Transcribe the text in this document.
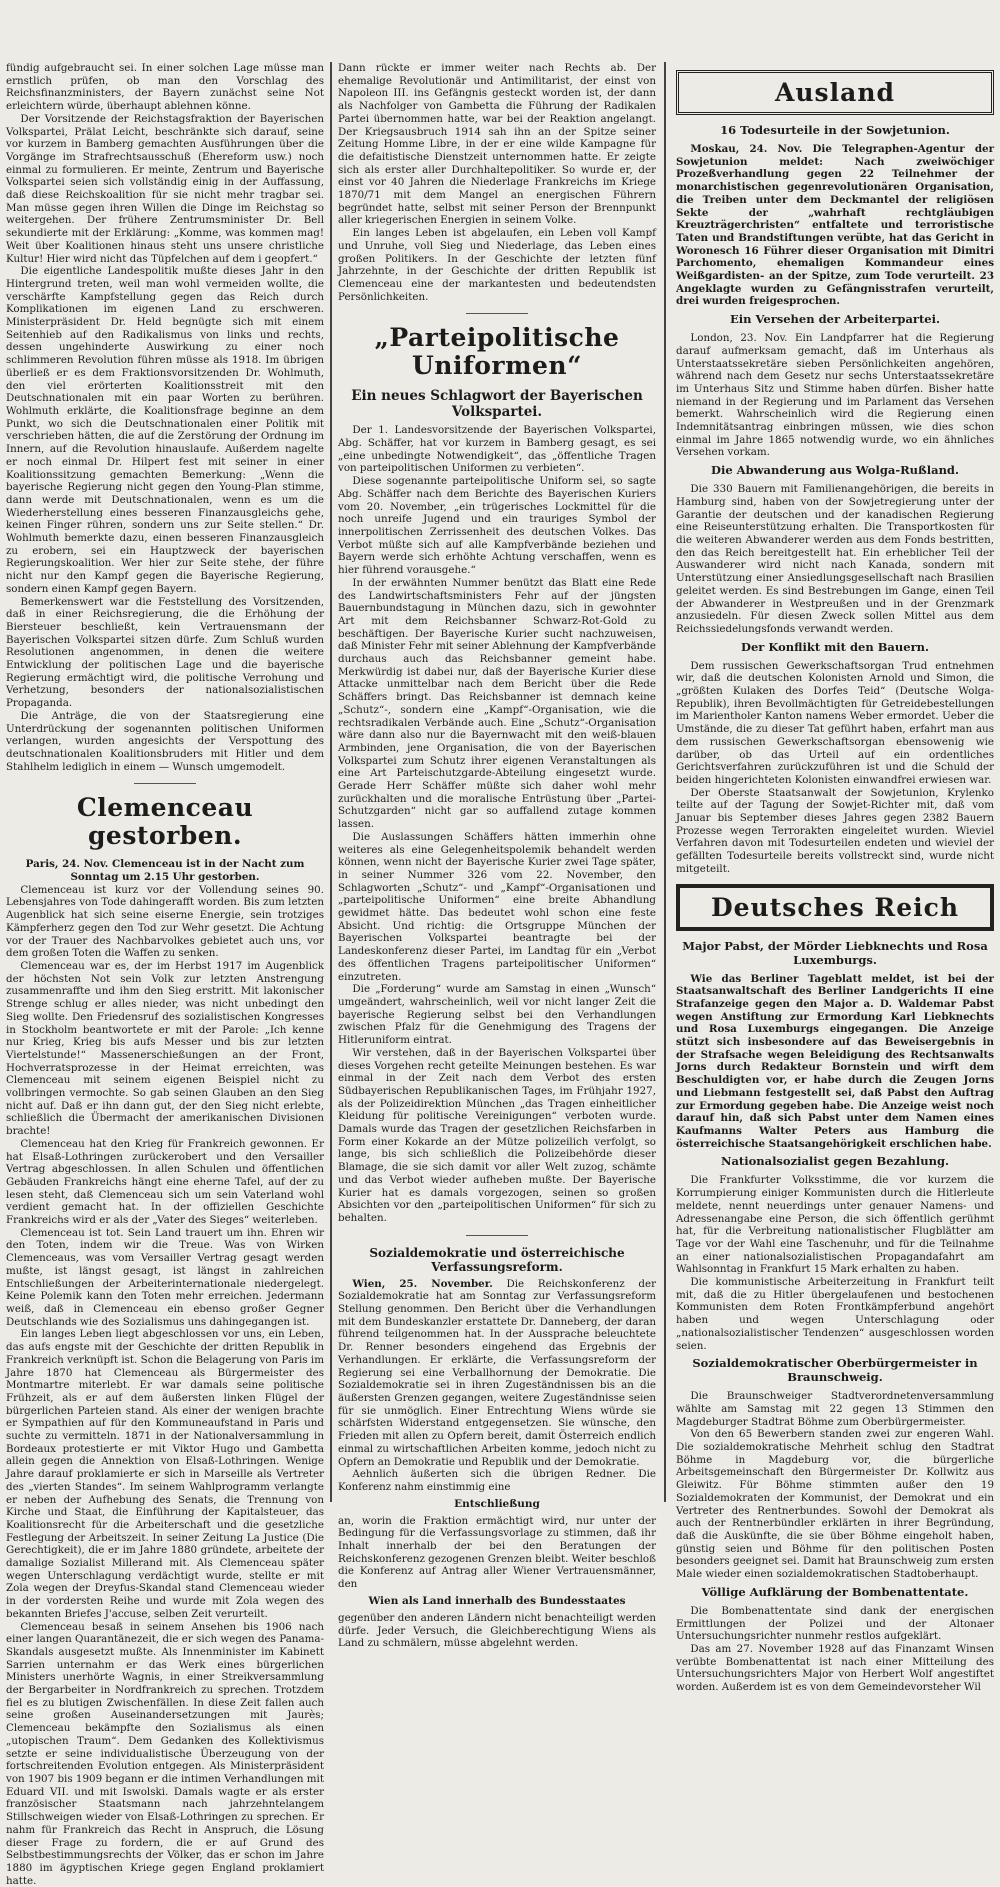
fündig aufgebraucht sei. In einer solchen Lage müsse man ernstlich prüfen, ob man den Vorschlag des Reichsfinanzministers, der Bayern zunächst seine Not erleichtern würde, überhaupt ablehnen könne.

Der Vorsitzende der Reichstagsfraktion der Bayerischen Volkspartei, Prälat Leicht, beschränkte sich darauf, seine vor kurzem in Bamberg gemachten Ausführungen über die Vorgänge im Strafrechtsausschuß (Ehereform usw.) noch einmal zu formulieren. Er meinte, Zentrum und Bayerische Volkspartei seien sich vollständig einig in der Auffassung, daß diese Reichskoalition für sie nicht mehr tragbar sei. Man müsse gegen ihren Willen die Dinge im Reichstag so weitergehen. Der frühere Zentrumsminister Dr. Bell sekundierte mit der Erklärung: „Komme, was kommen mag! Weit über Koalitionen hinaus steht uns unsere christliche Kultur! Hier wird nicht das Tüpfelchen auf dem i geopfert.“

Die eigentliche Landespolitik mußte dieses Jahr in den Hintergrund treten, weil man wohl vermeiden wollte, die verschärfte Kampfstellung gegen das Reich durch Komplikationen im eigenen Land zu erschweren. Ministerpräsident Dr. Held begnügte sich mit einem Seitenhieb auf den Radikalismus von links und rechts, dessen ungehinderte Auswirkung zu einer noch schlimmeren Revolution führen müsse als 1918. Im übrigen überließ er es dem Fraktionsvorsitzenden Dr. Wohlmuth, den viel erörterten Koalitionsstreit mit den Deutschnationalen mit ein paar Worten zu berühren. Wohlmuth erklärte, die Koalitionsfrage beginne an dem Punkt, wo sich die Deutschnationalen einer Politik mit verschrieben hätten, die auf die Zerstörung der Ordnung im Innern, auf die Revolution hinauslaufe. Außerdem nagelte er noch einmal Dr. Hilpert fest mit seiner in einer Koalitionssitzung gemachten Bemerkung: „Wenn die bayerische Regierung nicht gegen den Young-Plan stimme, dann werde mit Deutschnationalen, wenn es um die Wiederherstellung eines besseren Finanzausgleichs gehe, keinen Finger rühren, sondern uns zur Seite stellen.“ Dr. Wohlmuth bemerkte dazu, einen besseren Finanzausgleich zu erobern, sei ein Hauptzweck der bayerischen Regierungskoalition. Wer hier zur Seite stehe, der führe nicht nur den Kampf gegen die Bayerische Regierung, sondern einen Kampf gegen Bayern.

Bemerkenswert war die Feststellung des Vorsitzenden, daß in einer Reichsregierung, die die Erhöhung der Biersteuer beschließt, kein Vertrauensmann der Bayerischen Volkspartei sitzen dürfe. Zum Schluß wurden Resolutionen angenommen, in denen die weitere Entwicklung der politischen Lage und die bayerische Regierung ermächtigt wird, die politische Verrohung und Verhetzung, besonders der nationalsozialistischen Propaganda.

Die Anträge, die von der Staatsregierung eine Unterdrückung der sogenannten politischen Uniformen verlangen, wurden angesichts der Verspottung des deutschnationalen Koalitionsbruders mit Hitler und dem Stahlhelm lediglich in einem — Wunsch umgemodelt.

Clemenceau gestorben.

Paris, 24. Nov. Clemenceau ist in der Nacht zum Sonntag um 2.15 Uhr gestorben.

Clemenceau ist kurz vor der Vollendung seines 90. Lebensjahres von Tode dahingerafft worden. Bis zum letzten Augenblick hat sich seine eiserne Energie, sein trotziges Kämpferherz gegen den Tod zur Wehr gesetzt. Die Achtung vor der Trauer des Nachbarvolkes gebietet auch uns, vor dem großen Toten die Waffen zu senken.

Clemenceau war es, der im Herbst 1917 im Augenblick der höchsten Not sein Volk zur letzten Anstrengung zusammenraffte und ihm den Sieg erstritt. Mit lakonischer Strenge schlug er alles nieder, was nicht unbedingt den Sieg wollte. Den Friedensruf des sozialistischen Kongresses in Stockholm beantwortete er mit der Parole: „Ich kenne nur Krieg, Krieg bis aufs Messer und bis zur letzten Viertelstunde!“ Massenerschießungen an der Front, Hochverratsprozesse in der Heimat erreichten, was Clemenceau mit seinem eigenen Beispiel nicht zu vollbringen vermochte. So gab seinen Glauben an den Sieg nicht auf. Daß er ihn dann gut, der den Sieg nicht erlebte, schließlich die Übermacht der amerikanischen Divisionen brachte!

Clemenceau hat den Krieg für Frankreich gewonnen. Er hat Elsaß-Lothringen zurückerobert und den Versailler Vertrag abgeschlossen. In allen Schulen und öffentlichen Gebäuden Frankreichs hängt eine eherne Tafel, auf der zu lesen steht, daß Clemenceau sich um sein Vaterland wohl verdient gemacht hat. In der offiziellen Geschichte Frankreichs wird er als der „Vater des Sieges“ weiterleben.

Clemenceau ist tot. Sein Land trauert um ihn. Ehren wir den Toten, indem wir die Treue. Was von Wirken Clemenceaus, was vom Versailler Vertrag gesagt werden mußte, ist längst gesagt, ist längst in zahlreichen Entschließungen der Arbeiterinternationale niedergelegt. Keine Polemik kann den Toten mehr erreichen. Jedermann weiß, daß in Clemenceau ein ebenso großer Gegner Deutschlands wie des Sozialismus uns dahingegangen ist.

Ein langes Leben liegt abgeschlossen vor uns, ein Leben, das aufs engste mit der Geschichte der dritten Republik in Frankreich verknüpft ist. Schon die Belagerung von Paris im Jahre 1870 hat Clemenceau als Bürgermeister des Montmartre miterlebt. Er war damals seine politische Frühzeit, als er auf dem äußersten linken Flügel der bürgerlichen Parteien stand. Als einer der wenigen brachte er Sympathien auf für den Kommuneaufstand in Paris und suchte zu vermitteln. 1871 in der Nationalversammlung in Bordeaux protestierte er mit Viktor Hugo und Gambetta allein gegen die Annektion von Elsaß-Lothringen. Wenige Jahre darauf proklamierte er sich in Marseille als Vertreter des „vierten Standes“. Im seinem Wahlprogramm verlangte er neben der Aufhebung des Senats, die Trennung von Kirche und Staat, die Einführung der Kapitalsteuer, das Koalitionsrecht für die Arbeiterschaft und die gesetzliche Festlegung der Arbeitszeit. In seiner Zeitung La Justice (Die Gerechtigkeit), die er im Jahre 1880 gründete, arbeitete der damalige Sozialist Millerand mit. Als Clemenceau später wegen Unterschlagung verdächtigt wurde, stellte er mit Zola wegen der Dreyfus-Skandal stand Clemenceau wieder in der vordersten Reihe und wurde mit Zola wegen des bekannten Briefes J'accuse, selben Zeit verurteilt.

Clemenceau besaß in seinem Ansehen bis 1906 nach einer langen Quarantänezeit, die er sich wegen des Panama-Skandals ausgesetzt mußte. Als Innenminister im Kabinett Sarrien unternahm er das Werk eines bürgerlichen Ministers unerhörte Wagnis, in einer Streikversammlung der Bergarbeiter in Nordfrankreich zu sprechen. Trotzdem fiel es zu blutigen Zwischenfällen. In diese Zeit fallen auch seine großen Auseinandersetzungen mit Jaurès; Clemenceau bekämpfte den Sozialismus als einen „utopischen Traum“. Dem Gedanken des Kollektivismus setzte er seine individualistische Überzeugung von der fortschreitenden Evolution entgegen. Als Ministerpräsident von 1907 bis 1909 begann er die intimen Verhandlungen mit Eduard VII. und mit Iswolski. Damals wagte er als erster französischer Staatsmann nach jahrzehntelangem Stillschweigen wieder von Elsaß-Lothringen zu sprechen. Er nahm für Frankreich das Recht in Anspruch, die Lösung dieser Frage zu fordern, die er auf Grund des Selbstbestimmungsrechts der Völker, das er schon im Jahre 1880 im ägyptischen Kriege gegen England proklamiert hatte.

Dann rückte er immer weiter nach Rechts ab. Der ehemalige Revolutionär und Antimilitarist, der einst von Napoleon III. ins Gefängnis gesteckt worden ist, der dann als Nachfolger von Gambetta die Führung der Radikalen Partei übernommen hatte, war bei der Reaktion angelangt. Der Kriegsausbruch 1914 sah ihn an der Spitze seiner Zeitung Homme Libre, in der er eine wilde Kampagne für die defaitistische Dienstzeit unternommen hatte. Er zeigte sich als erster aller Durchhaltepolitiker. So wurde er, der einst vor 40 Jahren die Niederlage Frankreichs im Kriege 1870/71 mit dem Mangel an energischen Führern begründet hatte, selbst mit seiner Person der Brennpunkt aller kriegerischen Energien in seinem Volke.

Ein langes Leben ist abgelaufen, ein Leben voll Kampf und Unruhe, voll Sieg und Niederlage, das Leben eines großen Politikers. In der Geschichte der letzten fünf Jahrzehnte, in der Geschichte der dritten Republik ist Clemenceau eine der markantesten und bedeutendsten Persönlichkeiten.

„Parteipolitische Uniformen“
Ein neues Schlagwort der Bayerischen Volkspartei.

Der 1. Landesvorsitzende der Bayerischen Volkspartei, Abg. Schäffer, hat vor kurzem in Bamberg gesagt, es sei „eine unbedingte Notwendigkeit“, das „öffentliche Tragen von parteipolitischen Uniformen zu verbieten“.

Diese sogenannte parteipolitische Uniform sei, so sagte Abg. Schäffer nach dem Berichte des Bayerischen Kuriers vom 20. November, „ein trügerisches Lockmittel für die noch unreife Jugend und ein trauriges Symbol der innerpolitischen Zerrissenheit des deutschen Volkes. Das Verbot müßte sich auf alle Kampfverbände beziehen und Bayern werde sich erhöhte Achtung verschaffen, wenn es hier führend vorausgehe.“

In der erwähnten Nummer benützt das Blatt eine Rede des Landwirtschaftsministers Fehr auf der jüngsten Bauernbundstagung in München dazu, sich in gewohnter Art mit dem Reichsbanner Schwarz-Rot-Gold zu beschäftigen. Der Bayerische Kurier sucht nachzuweisen, daß Minister Fehr mit seiner Ablehnung der Kampfverbände durchaus auch das Reichsbanner gemeint habe. Merkwürdig ist dabei nur, daß der Bayerische Kurier diese Attacke unmittelbar nach dem Bericht über die Rede Schäffers bringt. Das Reichsbanner ist demnach keine „Schutz“-, sondern eine „Kampf“-Organisation, wie die rechtsradikalen Verbände auch. Eine „Schutz“-Organisation wäre dann also nur die Bayernwacht mit den weiß-blauen Armbinden, jene Organisation, die von der Bayerischen Volkspartei zum Schutz ihrer eigenen Veranstaltungen als eine Art Parteischutzgarde-Abteilung eingesetzt wurde. Gerade Herr Schäffer müßte sich daher wohl mehr zurückhalten und die moralische Entrüstung über „Partei-Schutzgarden“ nicht gar so auffallend zutage kommen lassen.

Die Auslassungen Schäffers hätten immerhin ohne weiteres als eine Gelegenheitspolemik behandelt werden können, wenn nicht der Bayerische Kurier zwei Tage später, in seiner Nummer 326 vom 22. November, den Schlagworten „Schutz“- und „Kampf“-Organisationen und „parteipolitische Uniformen“ eine breite Abhandlung gewidmet hätte. Das bedeutet wohl schon eine feste Absicht. Und richtig: die Ortsgruppe München der Bayerischen Volkspartei beantragte bei der Landeskonferenz dieser Partei, im Landtag für ein „Verbot des öffentlichen Tragens parteipolitischer Uniformen“ einzutreten.

Die „Forderung“ wurde am Samstag in einen „Wunsch“ umgeändert, wahrscheinlich, weil vor nicht langer Zeit die bayerische Regierung selbst bei den Verhandlungen zwischen Pfalz für die Genehmigung des Tragens der Hitleruniform eintrat.

Wir verstehen, daß in der Bayerischen Volkspartei über dieses Vorgehen recht geteilte Meinungen bestehen. Es war einmal in der Zeit nach dem Verbot des ersten Südbayerischen Republikanischen Tages, im Frühjahr 1927, als der Polizeidirektion München „das Tragen einheitlicher Kleidung für politische Vereinigungen“ verboten wurde. Damals wurde das Tragen der gesetzlichen Reichsfarben in Form einer Kokarde an der Mütze polizeilich verfolgt, so lange, bis sich schließlich die Polizeibehörde dieser Blamage, die sie sich damit vor aller Welt zuzog, schämte und das Verbot wieder aufheben mußte. Der Bayerische Kurier hat es damals vorgezogen, seinen so großen Absichten vor den „parteipolitischen Uniformen“ für sich zu behalten.

Sozialdemokratie und österreichische Verfassungsreform.

Wien, 25. November. Die Reichskonferenz der Sozialdemokratie hat am Sonntag zur Verfassungsreform Stellung genommen. Den Bericht über die Verhandlungen mit dem Bundeskanzler erstattete Dr. Danneberg, der daran führend teilgenommen hat. In der Aussprache beleuchtete Dr. Renner besonders eingehend das Ergebnis der Verhandlungen. Er erklärte, die Verfassungsreform der Regierung sei eine Verballhornung der Demokratie. Die Sozialdemokratie sei in ihren Zugeständnissen bis an die äußersten Grenzen gegangen, weitere Zugeständnisse seien für sie unmöglich. Einer Entrechtung Wiens würde sie schärfsten Widerstand entgegensetzen. Sie wünsche, den Frieden mit allen zu Opfern bereit, damit Österreich endlich einmal zu wirtschaftlichen Arbeiten komme, jedoch nicht zu Opfern an Demokratie und Republik und der Demokratie.

Aehnlich äußerten sich die übrigen Redner. Die Konferenz nahm einstimmig eine

Entschließung

an, worin die Fraktion ermächtigt wird, nur unter der Bedingung für die Verfassungsvorlage zu stimmen, daß ihr Inhalt innerhalb der bei den Beratungen der Reichskonferenz gezogenen Grenzen bleibt. Weiter beschloß die Konferenz auf Antrag aller Wiener Vertrauensmänner, den

Wien als Land innerhalb des Bundesstaates

gegenüber den anderen Ländern nicht benachteiligt werden dürfe. Jeder Versuch, die Gleichberechtigung Wiens als Land zu schmälern, müsse abgelehnt werden.

Ausland
16 Todesurteile in der Sowjetunion.

Moskau, 24. Nov. Die Telegraphen-Agentur der Sowjetunion meldet: Nach zweiwöchiger Prozeßverhandlung gegen 22 Teilnehmer der monarchistischen gegenrevolutionären Organisation, die Treiben unter dem Deckmantel der religiösen Sekte der „wahrhaft rechtgläubigen Kreuzträgerchristen“ entfaltete und terroristische Taten und Brandstiftungen verübte, hat das Gericht in Woronesch 16 Führer dieser Organisation mit Dimitri Parchomento, ehemaligen Kommandeur eines Weißgardisten- an der Spitze, zum Tode verurteilt. 23 Angeklagte wurden zu Gefängnisstrafen verurteilt, drei wurden freigesprochen.

Ein Versehen der Arbeiterpartei.

London, 23. Nov. Ein Landpfarrer hat die Regierung darauf aufmerksam gemacht, daß im Unterhaus als Unterstaatssekretäre sieben Persönlichkeiten angehören, während nach dem Gesetz nur sechs Unterstaatssekretäre im Unterhaus Sitz und Stimme haben dürfen. Bisher hatte niemand in der Regierung und im Parlament das Versehen bemerkt. Wahrscheinlich wird die Regierung einen Indemnitätsantrag einbringen müssen, wie dies schon einmal im Jahre 1865 notwendig wurde, wo ein ähnliches Versehen vorkam.

Die Abwanderung aus Wolga-Rußland.

Die 330 Bauern mit Familienangehörigen, die bereits in Hamburg sind, haben von der Sowjetregierung unter der Garantie der deutschen und der kanadischen Regierung eine Reiseunterstützung erhalten. Die Transportkosten für die weiteren Abwanderer werden aus dem Fonds bestritten, den das Reich bereitgestellt hat. Ein erheblicher Teil der Auswanderer wird nicht nach Kanada, sondern mit Unterstützung einer Ansiedlungsgesellschaft nach Brasilien geleitet werden. Es sind Bestrebungen im Gange, einen Teil der Abwanderer in Westpreußen und in der Grenzmark anzusiedeln. Für diesen Zweck sollen Mittel aus dem Reichssiedelungsfonds verwandt werden.

Der Konflikt mit den Bauern.

Dem russischen Gewerkschaftsorgan Trud entnehmen wir, daß die deutschen Kolonisten Arnold und Simon, die „größten Kulaken des Dorfes Teid“ (Deutsche Wolga-Republik), ihren Bevollmächtigten für Getreidebestellungen im Marientholer Kanton namens Weber ermordet. Ueber die Umstände, die zu dieser Tat geführt haben, erfahrt man aus dem russischen Gewerkschaftsorgan ebensowenig wie darüber, ob das Urteil auf ein ordentliches Gerichtsverfahren zurückzuführen ist und die Schuld der beiden hingerichteten Kolonisten einwandfrei erwiesen war.

Der Oberste Staatsanwalt der Sowjetunion, Krylenko teilte auf der Tagung der Sowjet-Richter mit, daß vom Januar bis September dieses Jahres gegen 2382 Bauern Prozesse wegen Terrorakten eingeleitet wurden. Wieviel Verfahren davon mit Todesurteilen endeten und wieviel der gefällten Todesurteile bereits vollstreckt sind, wurde nicht mitgeteilt.

Deutsches Reich
Major Pabst, der Mörder Liebknechts und Rosa Luxemburgs.

Wie das Berliner Tageblatt meldet, ist bei der Staatsanwaltschaft des Berliner Landgerichts II eine Strafanzeige gegen den Major a. D. Waldemar Pabst wegen Anstiftung zur Ermordung Karl Liebknechts und Rosa Luxemburgs eingegangen. Die Anzeige stützt sich insbesondere auf das Beweisergebnis in der Strafsache wegen Beleidigung des Rechtsanwalts Jorns durch Redakteur Bornstein und wirft dem Beschuldigten vor, er habe durch die Zeugen Jorns und Liebmann festgestellt sei, daß Pabst den Auftrag zur Ermordung gegeben habe. Die Anzeige weist noch darauf hin, daß sich Pabst unter dem Namen eines Kaufmanns Walter Peters aus Hamburg die österreichische Staatsangehörigkeit erschlichen habe.

Nationalsozialist gegen Bezahlung.

Die Frankfurter Volksstimme, die vor kurzem die Korrumpierung einiger Kommunisten durch die Hitlerleute meldete, nennt neuerdings unter genauer Namens- und Adressenangabe eine Person, die sich öffentlich gerühmt hat, für die Verbreitung nationalistischer Flugblätter am Tage vor der Wahl eine Taschenuhr, und für die Teilnahme an einer nationalsozialistischen Propagandafahrt am Wahlsonntag in Frankfurt 15 Mark erhalten zu haben.

Die kommunistische Arbeiterzeitung in Frankfurt teilt mit, daß die zu Hitler übergelaufenen und bestochenen Kommunisten dem Roten Frontkämpferbund angehört haben und wegen Unterschlagung oder „nationalsozialistischer Tendenzen“ ausgeschlossen worden seien.

Sozialdemokratischer Oberbürgermeister in Braunschweig.

Die Braunschweiger Stadtverordnetenversammlung wählte am Samstag mit 22 gegen 13 Stimmen den Magdeburger Stadtrat Böhme zum Oberbürgermeister.

Von den 65 Bewerbern standen zwei zur engeren Wahl. Die sozialdemokratische Mehrheit schlug den Stadtrat Böhme in Magdeburg vor, die bürgerliche Arbeitsgemeinschaft den Bürgermeister Dr. Kollwitz aus Gleiwitz. Für Böhme stimmten außer den 19 Sozialdemokraten der Kommunist, der Demokrat und ein Vertreter des Rentnerbundes. Sowohl der Demokrat als auch der Rentnerbündler erklärten in ihrer Begründung, daß die Auskünfte, die sie über Böhme eingeholt haben, günstig seien und Böhme für den politischen Posten besonders geeignet sei. Damit hat Braunschweig zum ersten Male wieder einen sozialdemokratischen Stadtoberhaupt.

Völlige Aufklärung der Bombenattentate.

Die Bombenattentate sind dank der energischen Ermittlungen der Polizei und der Altonaer Untersuchungsrichter nunmehr restlos aufgeklärt.

Das am 27. November 1928 auf das Finanzamt Winsen verübte Bombenattentat ist nach einer Mitteilung des Untersuchungsrichters Major von Herbert Wolf angestiftet worden. Außerdem ist es von dem Gemeindevorsteher Wil
